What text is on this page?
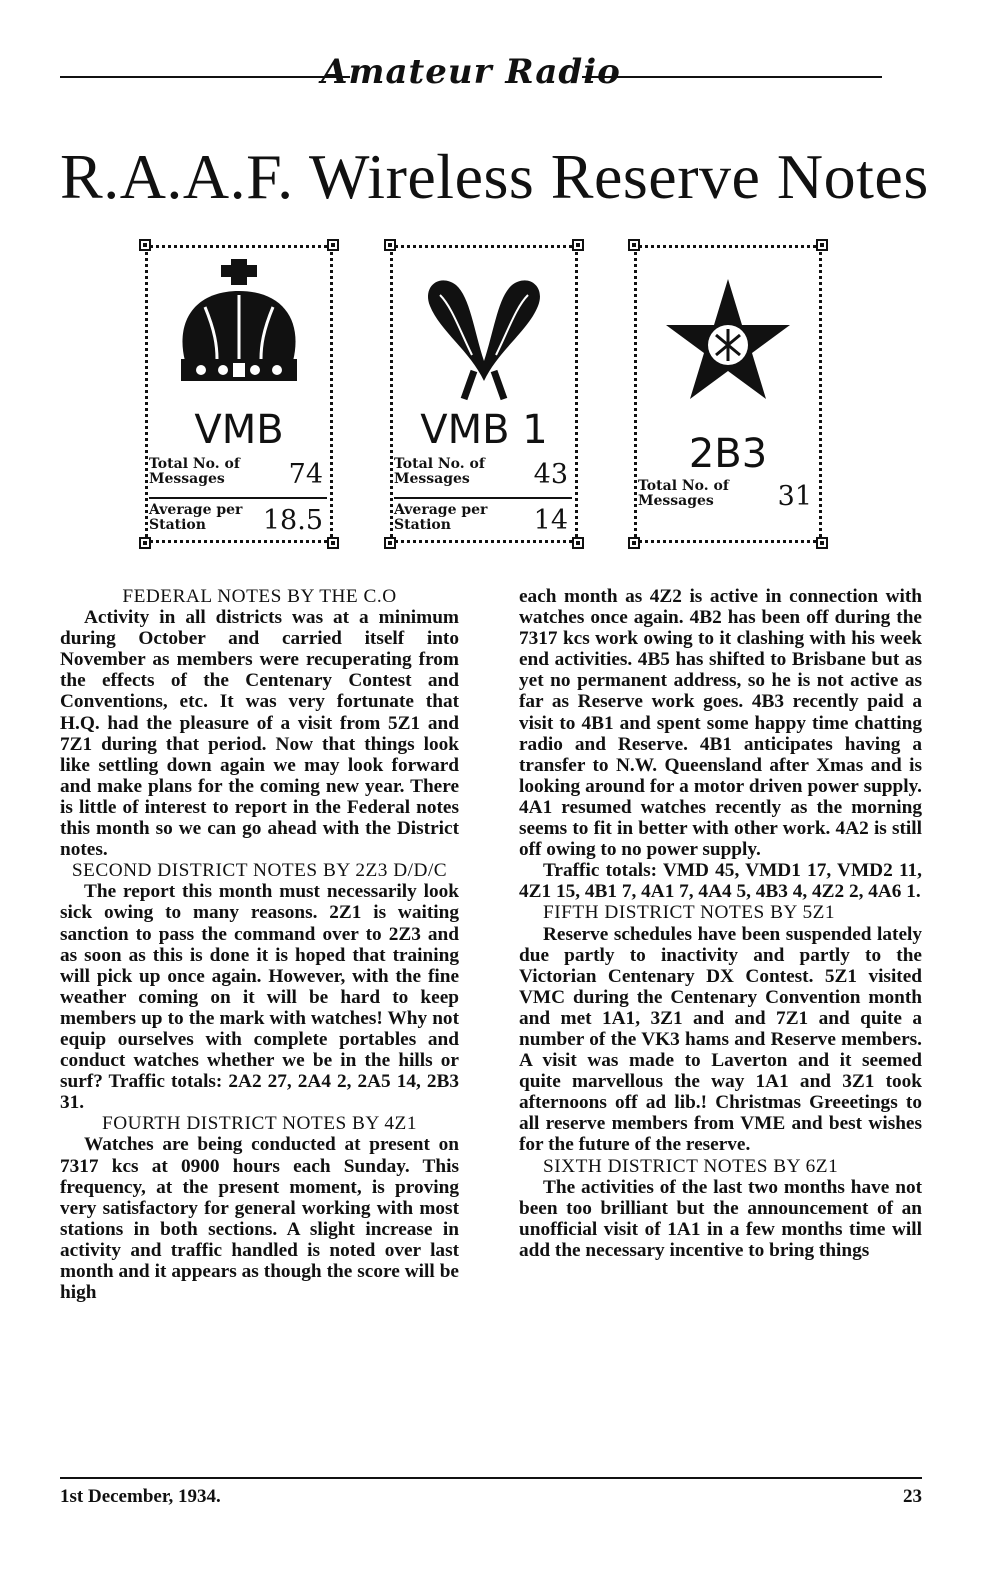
Amateur Radio
R.A.A.F. Wireless Reserve Notes
VMB
Total No. of Messages	74
Average per Station	18.5
VMB 1
Total No. of Messages	43
Average per Station	14
2B3
Total No. of Messages	31

FEDERAL NOTES BY THE C.O

Activity in all districts was at a minimum during October and carried itself into November as members were recuperating from the effects of the Centenary Contest and Conventions, etc. It was very fortunate that H.Q. had the pleasure of a visit from 5Z1 and 7Z1 during that period. Now that things look like settling down again we may look forward and make plans for the coming new year. There is little of interest to report in the Federal notes this month so we can go ahead with the District notes.

SECOND DISTRICT NOTES BY 2Z3 D/D/C

The report this month must necessarily look sick owing to many reasons. 2Z1 is waiting sanction to pass the command over to 2Z3 and as soon as this is done it is hoped that training will pick up once again. However, with the fine weather coming on it will be hard to keep members up to the mark with watches! Why not equip ourselves with complete portables and conduct watches whether we be in the hills or surf? Traffic totals: 2A2 27, 2A4 2, 2A5 14, 2B3 31.

FOURTH DISTRICT NOTES BY 4Z1

Watches are being conducted at present on 7317 kcs at 0900 hours each Sunday. This frequency, at the present moment, is proving very satisfactory for general working with most stations in both sections. A slight increase in activity and traffic handled is noted over last month and it appears as though the score will be high

each month as 4Z2 is active in connection with watches once again. 4B2 has been off during the 7317 kcs work owing to it clashing with his week end activities. 4B5 has shifted to Brisbane but as yet no permanent address, so he is not active as far as Reserve work goes. 4B3 recently paid a visit to 4B1 and spent some happy time chatting radio and Reserve. 4B1 anticipates having a transfer to N.W. Queensland after Xmas and is looking around for a motor driven power supply. 4A1 resumed watches recently as the morning seems to fit in better with other work. 4A2 is still off owing to no power supply.

Traffic totals: VMD 45, VMD1 17, VMD2 11, 4Z1 15, 4B1 7, 4A1 7, 4A4 5, 4B3 4, 4Z2 2, 4A6 1.

FIFTH DISTRICT NOTES BY 5Z1

Reserve schedules have been suspended lately due partly to inactivity and partly to the Victorian Centenary DX Contest. 5Z1 visited VMC during the Centenary Convention month and met 1A1, 3Z1 and and 7Z1 and quite a number of the VK3 hams and Reserve members. A visit was made to Laverton and it seemed quite marvellous the way 1A1 and 3Z1 took afternoons off ad lib.! Christmas Greeetings to all reserve members from VME and best wishes for the future of the reserve.

SIXTH DISTRICT NOTES BY 6Z1

The activities of the last two months have not been too brilliant but the announcement of an unofficial visit of 1A1 in a few months time will add the necessary incentive to bring things

1st December, 1934.	23
